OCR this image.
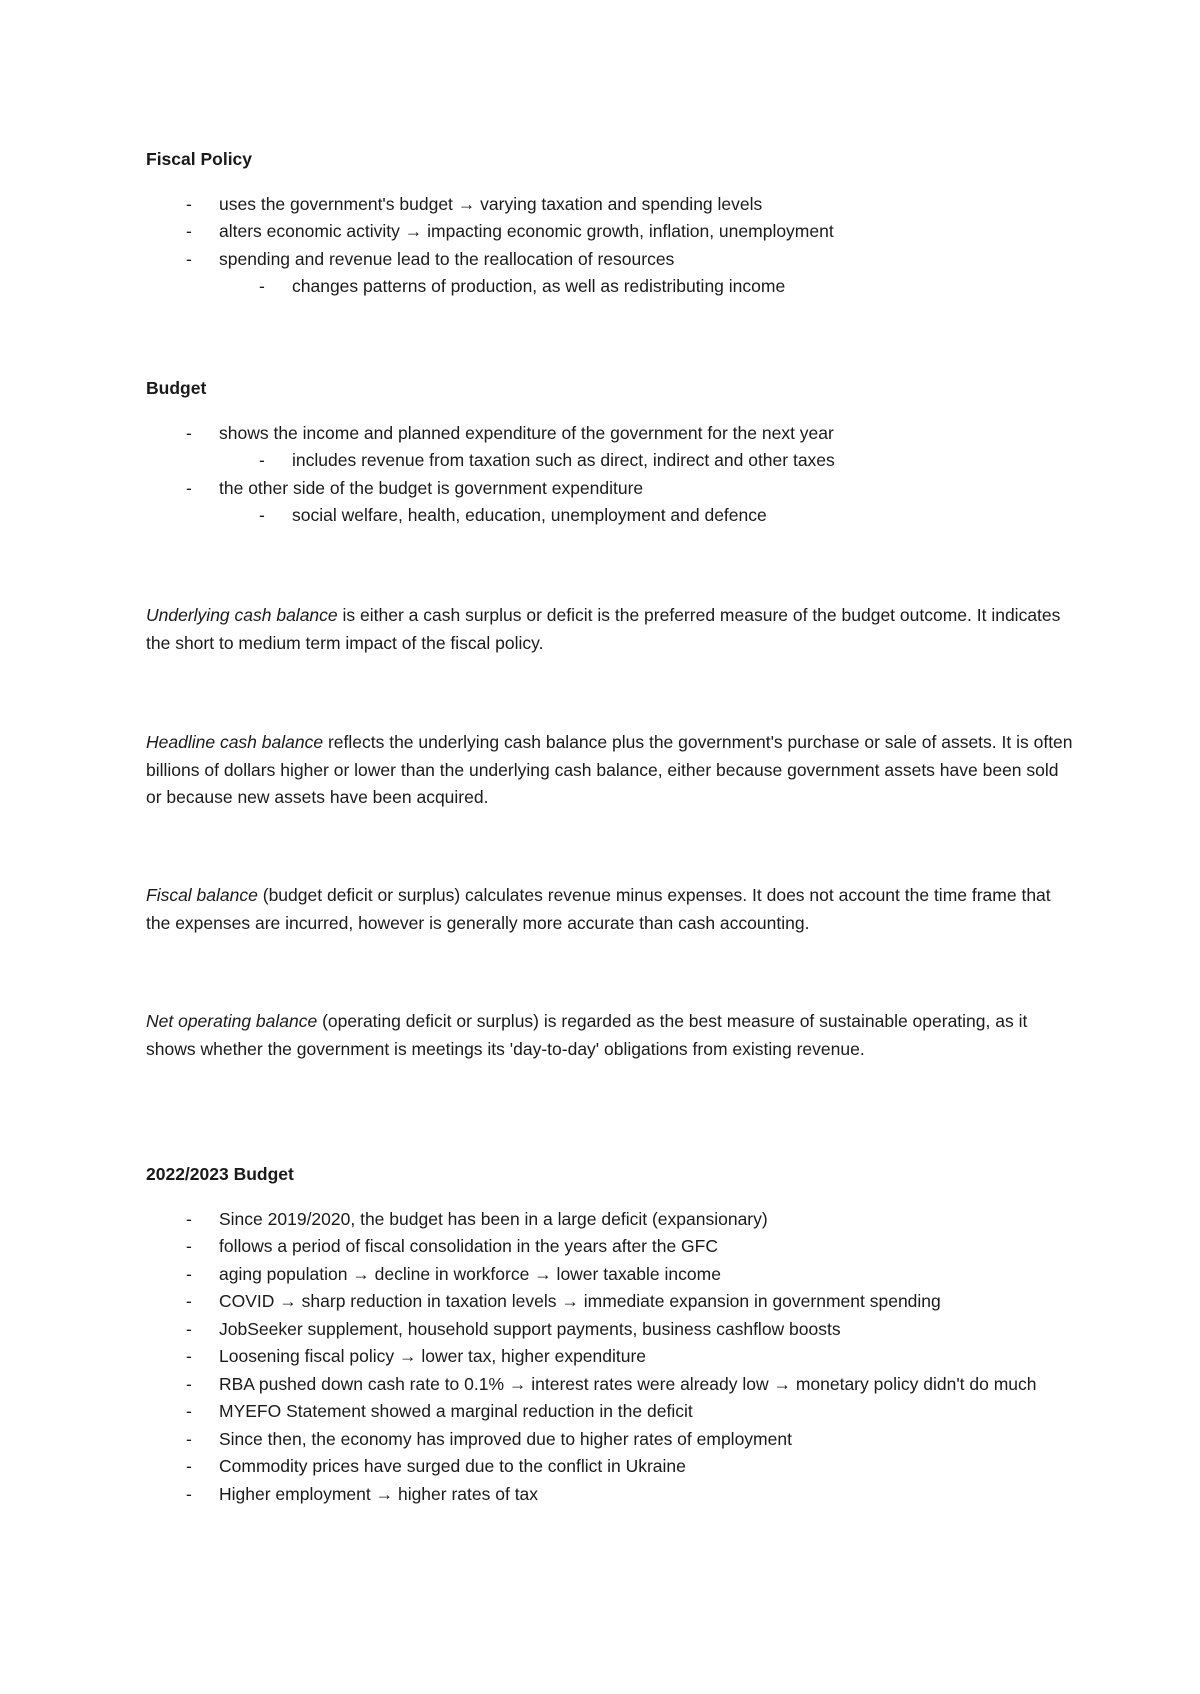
Fiscal Policy
- uses the government's budget → varying taxation and spending levels
- alters economic activity → impacting economic growth, inflation, unemployment
- spending and revenue lead to the reallocation of resources
- changes patterns of production, as well as redistributing income
Budget
- shows the income and planned expenditure of the government for the next year
- includes revenue from taxation such as direct, indirect and other taxes
- the other side of the budget is government expenditure
- social welfare, health, education, unemployment and defence

Underlying cash balance is either a cash surplus or deficit is the preferred measure of the budget outcome. It indicates the short to medium term impact of the fiscal policy.

Headline cash balance reflects the underlying cash balance plus the government's purchase or sale of assets. It is often billions of dollars higher or lower than the underlying cash balance, either because government assets have been sold or because new assets have been acquired.

Fiscal balance (budget deficit or surplus) calculates revenue minus expenses. It does not account the time frame that the expenses are incurred, however is generally more accurate than cash accounting.

Net operating balance (operating deficit or surplus) is regarded as the best measure of sustainable operating, as it shows whether the government is meetings its 'day-to-day' obligations from existing revenue.

2022/2023 Budget
- Since 2019/2020, the budget has been in a large deficit (expansionary)
- follows a period of fiscal consolidation in the years after the GFC
- aging population → decline in workforce → lower taxable income
- COVID → sharp reduction in taxation levels → immediate expansion in government spending
- JobSeeker supplement, household support payments, business cashflow boosts
- Loosening fiscal policy → lower tax, higher expenditure
- RBA pushed down cash rate to 0.1% → interest rates were already low → monetary policy didn't do much
- MYEFO Statement showed a marginal reduction in the deficit
- Since then, the economy has improved due to higher rates of employment
- Commodity prices have surged due to the conflict in Ukraine
- Higher employment → higher rates of tax
